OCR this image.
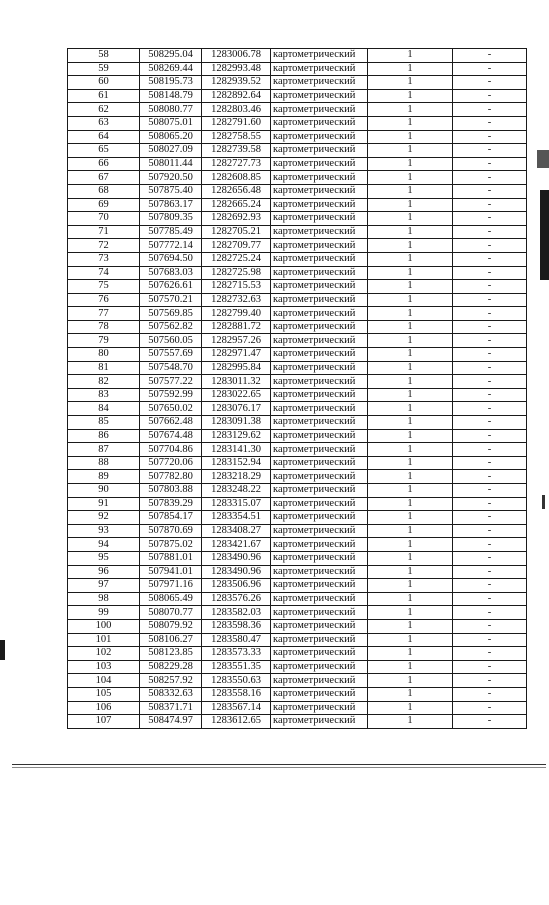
58	508295.04	1283006.78	картометрический	1	-
59	508269.44	1282993.48	картометрический	1	-
60	508195.73	1282939.52	картометрический	1	-
61	508148.79	1282892.64	картометрический	1	-
62	508080.77	1282803.46	картометрический	1	-
63	508075.01	1282791.60	картометрический	1	-
64	508065.20	1282758.55	картометрический	1	-
65	508027.09	1282739.58	картометрический	1	-
66	508011.44	1282727.73	картометрический	1	-
67	507920.50	1282608.85	картометрический	1	-
68	507875.40	1282656.48	картометрический	1	-
69	507863.17	1282665.24	картометрический	1	-
70	507809.35	1282692.93	картометрический	1	-
71	507785.49	1282705.21	картометрический	1	-
72	507772.14	1282709.77	картометрический	1	-
73	507694.50	1282725.24	картометрический	1	-
74	507683.03	1282725.98	картометрический	1	-
75	507626.61	1282715.53	картометрический	1	-
76	507570.21	1282732.63	картометрический	1	-
77	507569.85	1282799.40	картометрический	1	-
78	507562.82	1282881.72	картометрический	1	-
79	507560.05	1282957.26	картометрический	1	-
80	507557.69	1282971.47	картометрический	1	-
81	507548.70	1282995.84	картометрический	1	-
82	507577.22	1283011.32	картометрический	1	-
83	507592.99	1283022.65	картометрический	1	-
84	507650.02	1283076.17	картометрический	1	-
85	507662.48	1283091.38	картометрический	1	-
86	507674.48	1283129.62	картометрический	1	-
87	507704.86	1283141.30	картометрический	1	-
88	507720.06	1283152.94	картометрический	1	-
89	507782.80	1283218.29	картометрический	1	-
90	507803.88	1283248.22	картометрический	1	-
91	507839.29	1283315.07	картометрический	1	-
92	507854.17	1283354.51	картометрический	1	-
93	507870.69	1283408.27	картометрический	1	-
94	507875.02	1283421.67	картометрический	1	-
95	507881.01	1283490.96	картометрический	1	-
96	507941.01	1283490.96	картометрический	1	-
97	507971.16	1283506.96	картометрический	1	-
98	508065.49	1283576.26	картометрический	1	-
99	508070.77	1283582.03	картометрический	1	-
100	508079.92	1283598.36	картометрический	1	-
101	508106.27	1283580.47	картометрический	1	-
102	508123.85	1283573.33	картометрический	1	-
103	508229.28	1283551.35	картометрический	1	-
104	508257.92	1283550.63	картометрический	1	-
105	508332.63	1283558.16	картометрический	1	-
106	508371.71	1283567.14	картометрический	1	-
107	508474.97	1283612.65	картометрический	1	-
